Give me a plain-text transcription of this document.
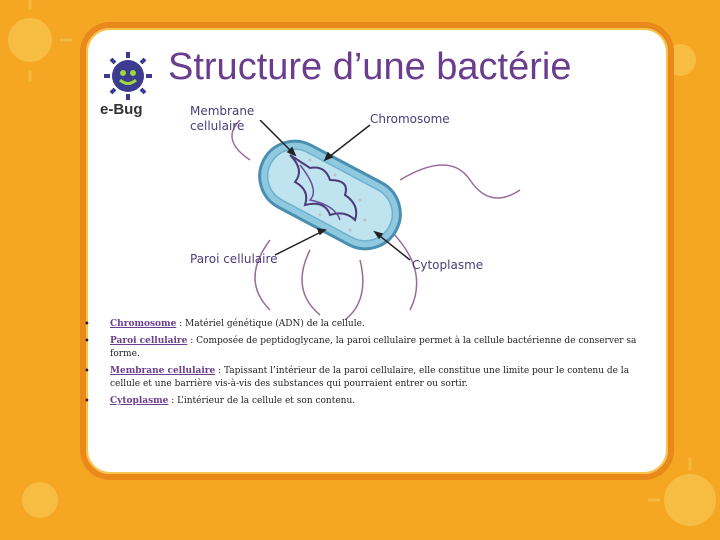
e-Bug
Structure d’une bactérie
Membrane cellulaire	Chromosome
Paroi cellulaire	Cytoplasme
• Chromosome : Matériel génétique (ADN) de la cellule.
• Paroi cellulaire : Composée de peptidoglycane, la paroi cellulaire permet à la cellule bactérienne de conserver sa forme.
• Membrane cellulaire : Tapissant l’intérieur de la paroi cellulaire, elle constitue une limite pour le contenu de la cellule et une barrière vis-à-vis des substances qui pourraient entrer ou sortir.
• Cytoplasme : L’intérieur de la cellule et son contenu.
